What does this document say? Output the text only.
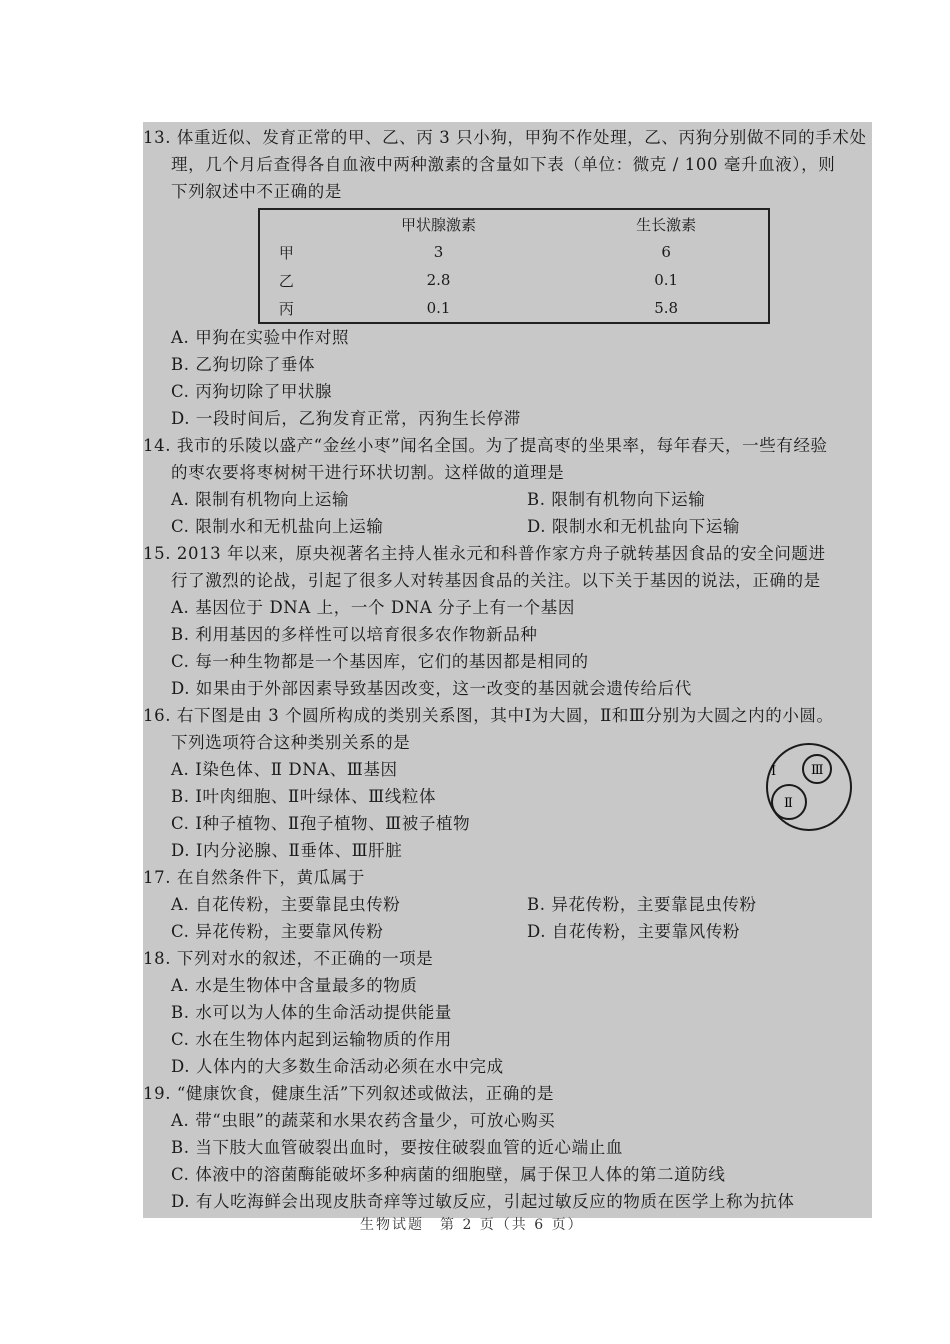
13. 体重近似、发育正常的甲、乙、丙 3 只小狗，甲狗不作处理，乙、丙狗分别做不同的手术处
理，几个月后查得各自血液中两种激素的含量如下表（单位：微克 / 100 毫升血液），则
下列叙述中不正确的是
	甲状腺激素	生长激素
甲	3	6
乙	2.8	0.1
丙	0.1	5.8
A. 甲狗在实验中作对照
B. 乙狗切除了垂体
C. 丙狗切除了甲状腺
D. 一段时间后，乙狗发育正常，丙狗生长停滞
14. 我市的乐陵以盛产“金丝小枣”闻名全国。为了提高枣的坐果率，每年春天，一些有经验
的枣农要将枣树树干进行环状切割。这样做的道理是
A. 限制有机物向上运输	B. 限制有机物向下运输
C. 限制水和无机盐向上运输	D. 限制水和无机盐向下运输
15. 2013 年以来，原央视著名主持人崔永元和科普作家方舟子就转基因食品的安全问题进
行了激烈的论战，引起了很多人对转基因食品的关注。以下关于基因的说法，正确的是
A. 基因位于 DNA 上，一个 DNA 分子上有一个基因
B. 利用基因的多样性可以培育很多农作物新品种
C. 每一种生物都是一个基因库，它们的基因都是相同的
D. 如果由于外部因素导致基因改变，这一改变的基因就会遗传给后代
16. 右下图是由 3 个圆所构成的类别关系图，其中Ⅰ为大圆，Ⅱ和Ⅲ分别为大圆之内的小圆。
下列选项符合这种类别关系的是
A. Ⅰ染色体、Ⅱ DNA、Ⅲ基因
B. Ⅰ叶肉细胞、Ⅱ叶绿体、Ⅲ线粒体
C. Ⅰ种子植物、Ⅱ孢子植物、Ⅲ被子植物
D. Ⅰ内分泌腺、Ⅱ垂体、Ⅲ肝脏
Ⅰ	Ⅲ
Ⅱ
17. 在自然条件下，黄瓜属于
A. 自花传粉，主要靠昆虫传粉	B. 异花传粉，主要靠昆虫传粉
C. 异花传粉，主要靠风传粉	D. 自花传粉，主要靠风传粉
18. 下列对水的叙述，不正确的一项是
A. 水是生物体中含量最多的物质
B. 水可以为人体的生命活动提供能量
C. 水在生物体内起到运输物质的作用
D. 人体内的大多数生命活动必须在水中完成
19. “健康饮食，健康生活”下列叙述或做法，正确的是
A. 带“虫眼”的蔬菜和水果农药含量少，可放心购买
B. 当下肢大血管破裂出血时，要按住破裂血管的近心端止血
C. 体液中的溶菌酶能破坏多种病菌的细胞壁，属于保卫人体的第二道防线
D. 有人吃海鲜会出现皮肤奇痒等过敏反应，引起过敏反应的物质在医学上称为抗体
生物试题　第 2 页（共 6 页）
